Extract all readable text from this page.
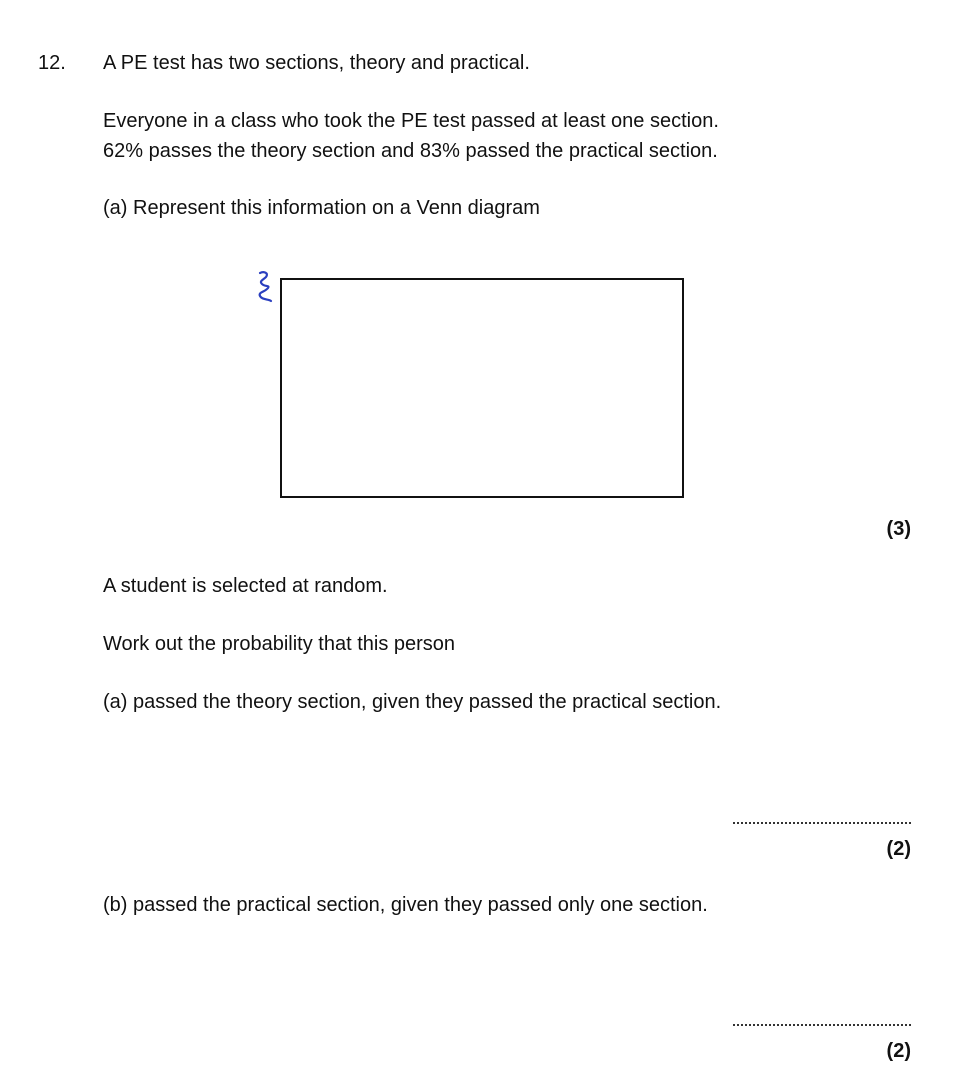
12. A PE test has two sections, theory and practical.
Everyone in a class who took the PE test passed at least one section.
62% passes the theory section and 83% passed the practical section.
(a) Represent this information on a Venn diagram
(3)
A student is selected at random.
Work out the probability that this person
(a) passed the theory section, given they passed the practical section.
(2)
(b) passed the practical section, given they passed only one section.
(2)
